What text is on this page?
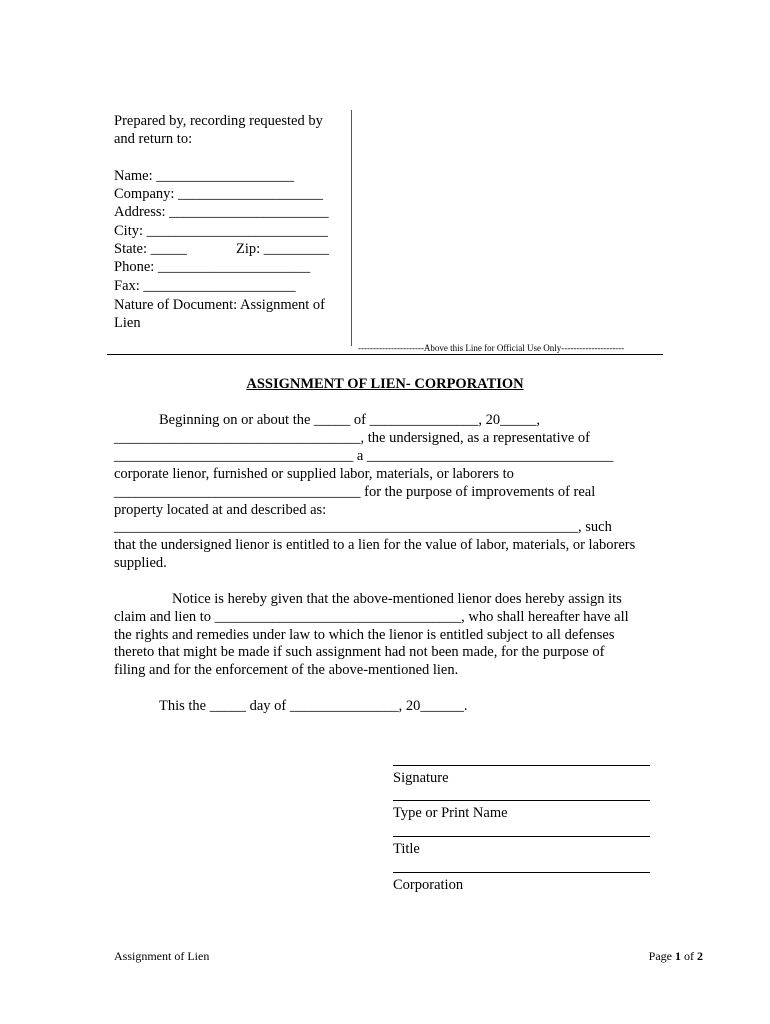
Prepared by, recording requested by
and return to:
Name: ___________________
Company: ____________________
Address: ______________________
City: _________________________
State: _____	Zip: _________
Phone: _____________________
Fax: _____________________
Nature of Document: Assignment of
Lien
----------------------Above this Line for Official Use Only---------------------
ASSIGNMENT OF LIEN- CORPORATION
Beginning on or about the _____ of _______________, 20_____,
__________________________________, the undersigned, as a representative of
_________________________________ a __________________________________
corporate lienor, furnished or supplied labor, materials, or laborers to
__________________________________ for the purpose of improvements of real
property located at and described as:
________________________________________________________________, such
that the undersigned lienor is entitled to a lien for the value of labor, materials, or laborers
supplied.
Notice is hereby given that the above-mentioned lienor does hereby assign its
claim and lien to __________________________________, who shall hereafter have all
the rights and remedies under law to which the lienor is entitled subject to all defenses
thereto that might be made if such assignment had not been made, for the purpose of
filing and for the enforcement of the above-mentioned lien.
This the _____ day of _______________, 20______.
Signature
Type or Print Name
Title
Corporation
Assignment of Lien	Page 1 of 2
